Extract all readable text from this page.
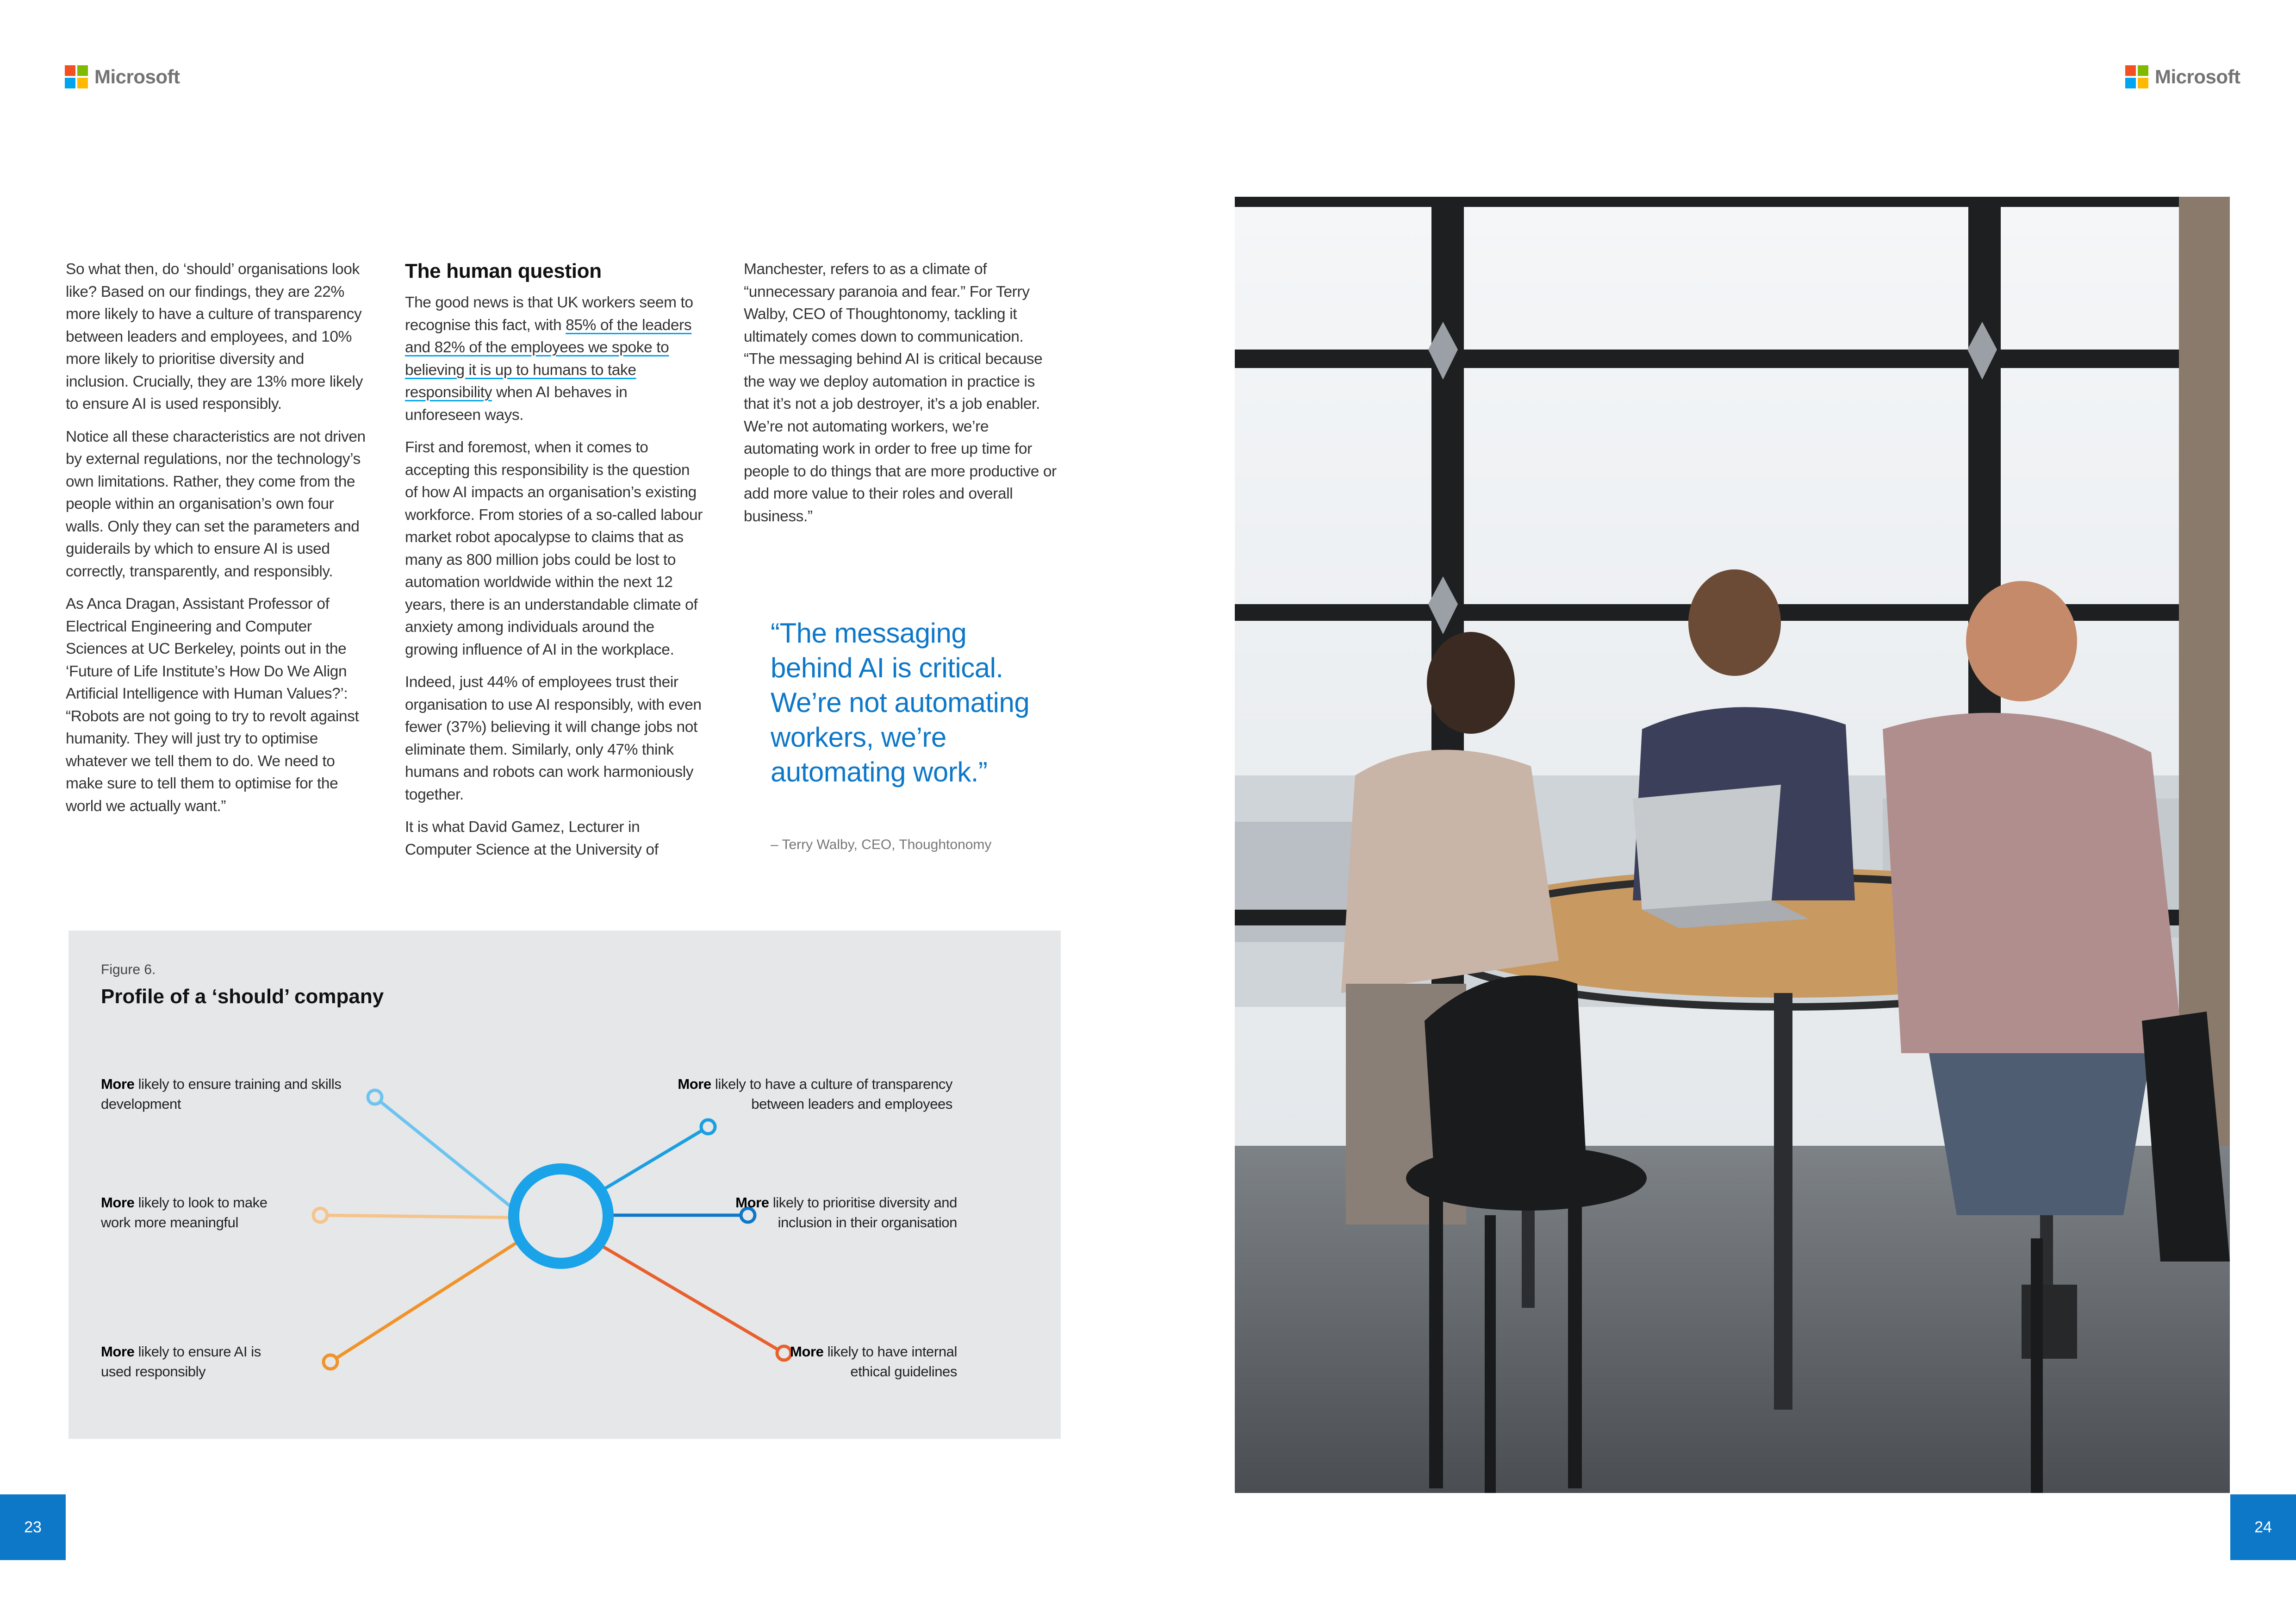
Microsoft	Microsoft

So what then, do ‘should’ organisations look like? Based on our findings, they are 22% more likely to have a culture of transparency between leaders and employees, and 10% more likely to prioritise diversity and inclusion. Crucially, they are 13% more likely to ensure AI is used responsibly.

Notice all these characteristics are not driven by external regulations, nor the technology’s own limitations. Rather, they come from the people within an organisation’s own four walls. Only they can set the parameters and guiderails by which to ensure AI is used correctly, transparently, and responsibly.

As Anca Dragan, Assistant Professor of Electrical Engineering and Computer Sciences at UC Berkeley, points out in the ‘Future of Life Institute’s How Do We Align Artificial Intelligence with Human Values?’: “Robots are not going to try to revolt against humanity. They will just try to optimise whatever we tell them to do. We need to make sure to tell them to optimise for the world we actually want.”

The human question

The good news is that UK workers seem to recognise this fact, with 85% of the leaders and 82% of the employees we spoke to believing it is up to humans to take responsibility when AI behaves in unforeseen ways.

First and foremost, when it comes to accepting this responsibility is the question of how AI impacts an organisation’s existing workforce. From stories of a so-called labour market robot apocalypse to claims that as many as 800 million jobs could be lost to automation worldwide within the next 12 years, there is an understandable climate of anxiety among individuals around the growing influence of AI in the workplace.

Indeed, just 44% of employees trust their organisation to use AI responsibly, with even fewer (37%) believing it will change jobs not eliminate them. Similarly, only 47% think humans and robots can work harmoniously together.

It is what David Gamez, Lecturer in Computer Science at the University of

Manchester, refers to as a climate of “unnecessary paranoia and fear.” For Terry Walby, CEO of Thoughtonomy, tackling it ultimately comes down to communication. “The messaging behind AI is critical because the way we deploy automation in practice is that it’s not a job destroyer, it’s a job enabler. We’re not automating workers, we’re automating work in order to free up time for people to do things that are more productive or add more value to their roles and overall business.”

“The messaging behind AI is critical. We’re not automating workers, we’re automating work.”
– Terry Walby, CEO, Thoughtonomy
Figure 6.
Profile of a ‘should’ company
More likely to ensure training and skills development
More likely to look to make work more meaningful
More likely to ensure AI is used responsibly
More likely to have a culture of transparency between leaders and employees
More likely to prioritise diversity and inclusion in their organisation
More likely to have internal ethical guidelines
23	24
